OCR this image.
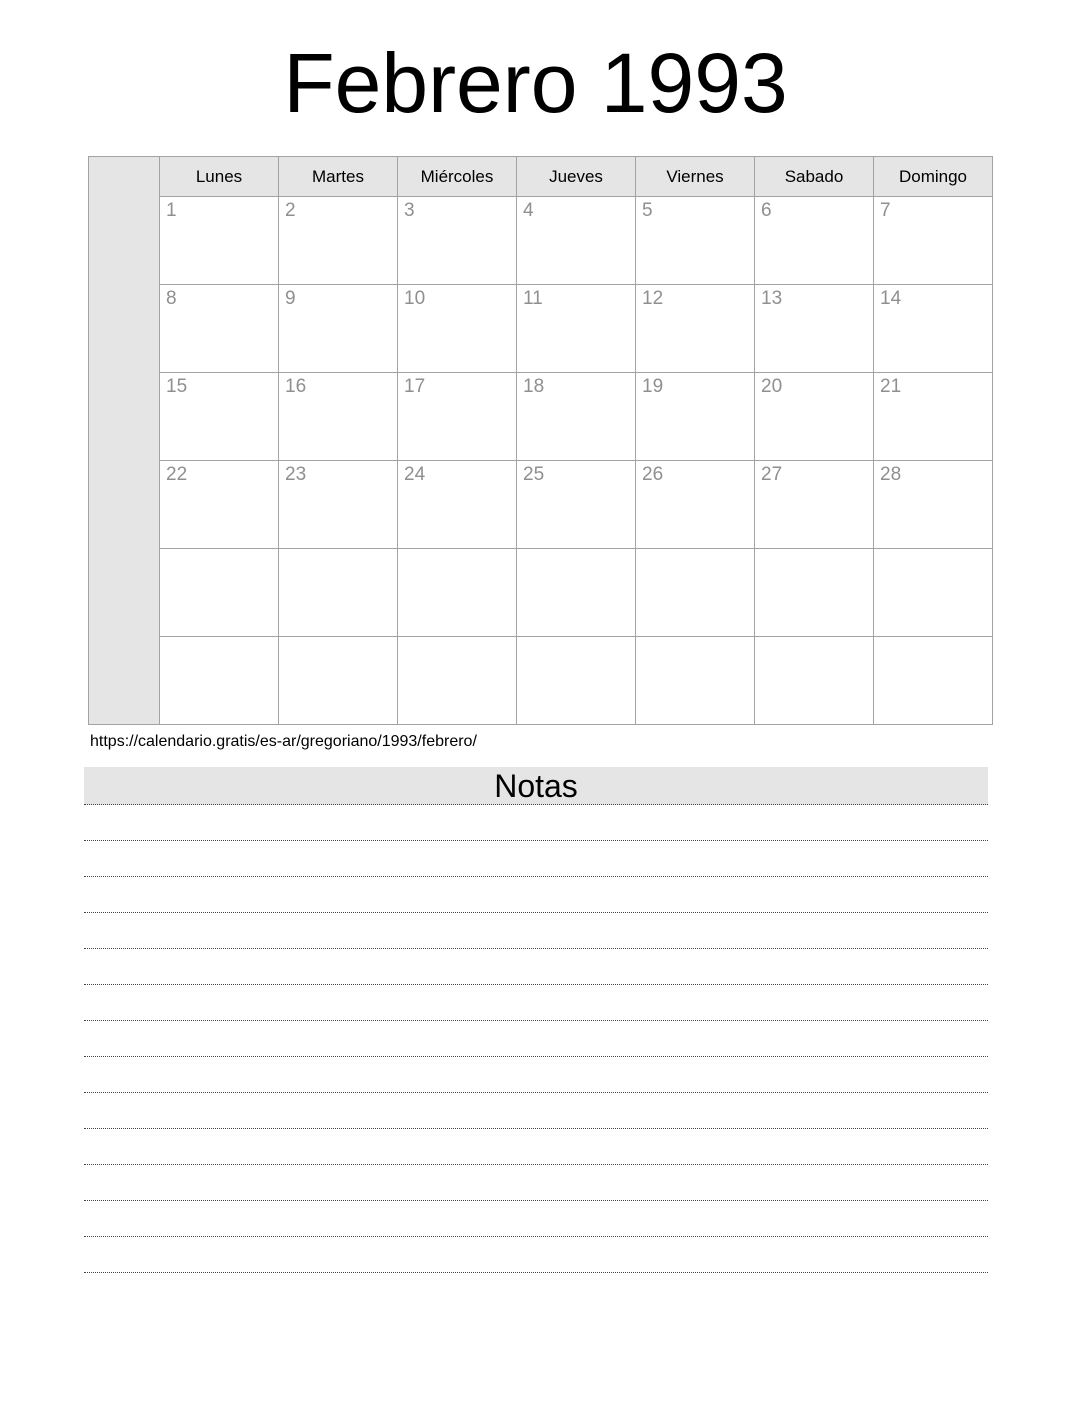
Febrero 1993
	Lunes	Martes	Miércoles	Jueves	Viernes	Sabado	Domingo
	1	2	3	4	5	6	7
	8	9	10	11	12	13	14
	15	16	17	18	19	20	21
	22	23	24	25	26	27	28

https://calendario.gratis/es-ar/gregoriano/1993/febrero/

Notas
